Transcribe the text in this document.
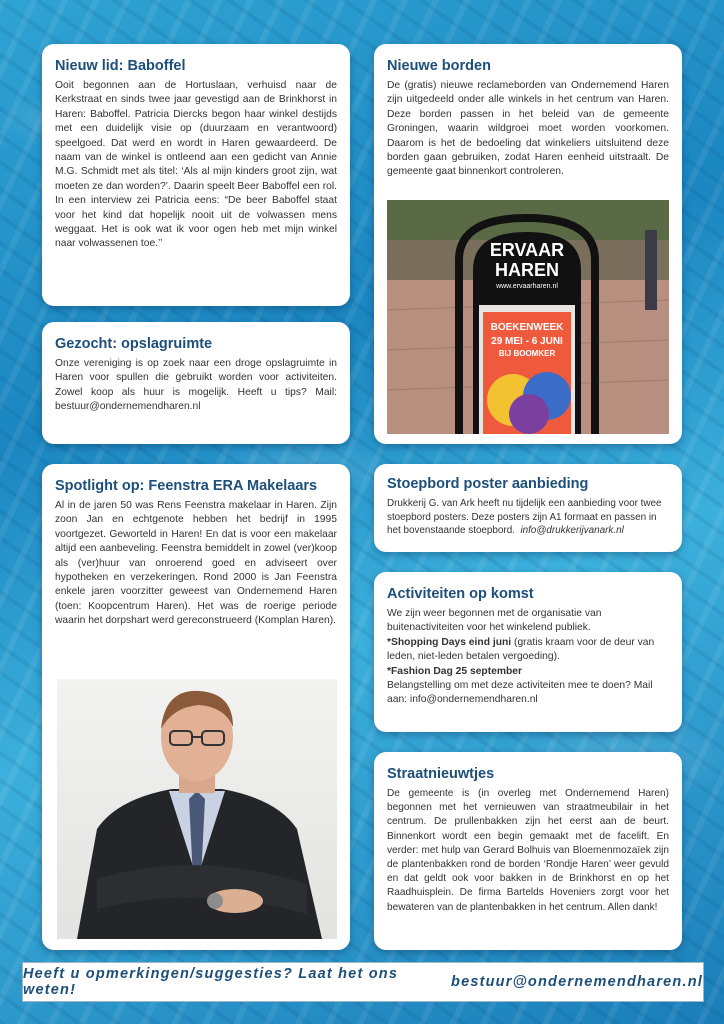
Nieuw lid: Baboffel

Ooit begonnen aan de Hortuslaan, verhuisd naar de Kerkstraat en sinds twee jaar gevestigd aan de Brinkhorst in Haren: Baboffel. Patricia Diercks begon haar winkel destijds met een duidelijk visie op (duurzaam en verantwoord) speelgoed. Dat werd en wordt in Haren gewaardeerd. De naam van de winkel is ontleend aan een gedicht van Annie M.G. Schmidt met als titel: ‘Als al mijn kinders groot zijn, wat moeten ze dan worden?’. Daarin speelt Beer Baboffel een rol. In een interview zei Patricia eens: “De beer Baboffel staat voor het kind dat hopelijk nooit uit de volwassen mens weggaat. Het is ook wat ik voor ogen heb met mijn winkel naar volwassenen toe.’’

Gezocht: opslagruimte

Onze vereniging is op zoek naar een droge opslagruimte in Haren voor spullen die gebruikt worden voor activiteiten. Zowel koop als huur is mogelijk. Heeft u tips? Mail: bestuur@ondernemendharen.nl

Spotlight op: Feenstra ERA Makelaars

Al in de jaren 50 was Rens Feenstra makelaar in Haren. Zijn zoon Jan en echtgenote hebben het bedrijf in 1995 voortgezet. Geworteld in Haren! En dat is voor een makelaar altijd een aanbeveling. Feenstra bemiddelt in zowel (ver)koop als (ver)huur van onroerend goed en adviseert over hypotheken en verzekeringen. Rond 2000 is Jan Feenstra enkele jaren voorzitter geweest van Ondernemend Haren (toen: Koopcentrum Haren). Het was de roerige periode waarin het dorpshart werd gereconstrueerd (Komplan Haren).

Nieuwe borden

De (gratis) nieuwe reclameborden van Ondernemend Haren zijn uitgedeeld onder alle winkels in het centrum van Haren. Deze borden passen in het beleid van de gemeente Groningen, waarin wildgroei moet worden voorkomen. Daarom is het de bedoeling dat winkeliers uitsluitend deze borden gaan gebruiken, zodat Haren eenheid uitstraalt. De gemeente gaat binnenkort controleren.

ERVAAR
HAREN
www.ervaarharen.nl
BOEKENWEEK
29 MEI - 6 JUNI
BIJ BOOMKER
Stoepbord poster aanbieding

Drukkerij G. van Ark heeft nu tijdelijk een aanbieding voor twee stoepbord posters. Deze posters zijn A1 formaat en passen in het bovenstaande stoepbord. info@drukkerijvanark.nl

Activiteiten op komst

We zijn weer begonnen met de organisatie van buitenactiviteiten voor het winkelend publiek.

*Shopping Days eind juni (gratis kraam voor de deur van leden, niet-leden betalen vergoeding).

*Fashion Dag 25 september

Belangstelling om met deze activiteiten mee te doen? Mail aan: info@ondernemendharen.nl

Straatnieuwtjes

De gemeente is (in overleg met Ondernemend Haren) begonnen met het vernieuwen van straatmeubilair in het centrum. De prullenbakken zijn het eerst aan de beurt. Binnenkort wordt een begin gemaakt met de facelift. En verder: met hulp van Gerard Bolhuis van Bloemenmozaïek zijn de plantenbakken rond de borden ‘Rondje Haren’ weer gevuld en dat geldt ook voor bakken in de Brinkhorst en op het Raadhuisplein. De firma Bartelds Hoveniers zorgt voor het bewateren van de plantenbakken in het centrum. Allen dank!

Heeft u opmerkingen/suggesties? Laat het ons weten!	bestuur@ondernemendharen.nl
